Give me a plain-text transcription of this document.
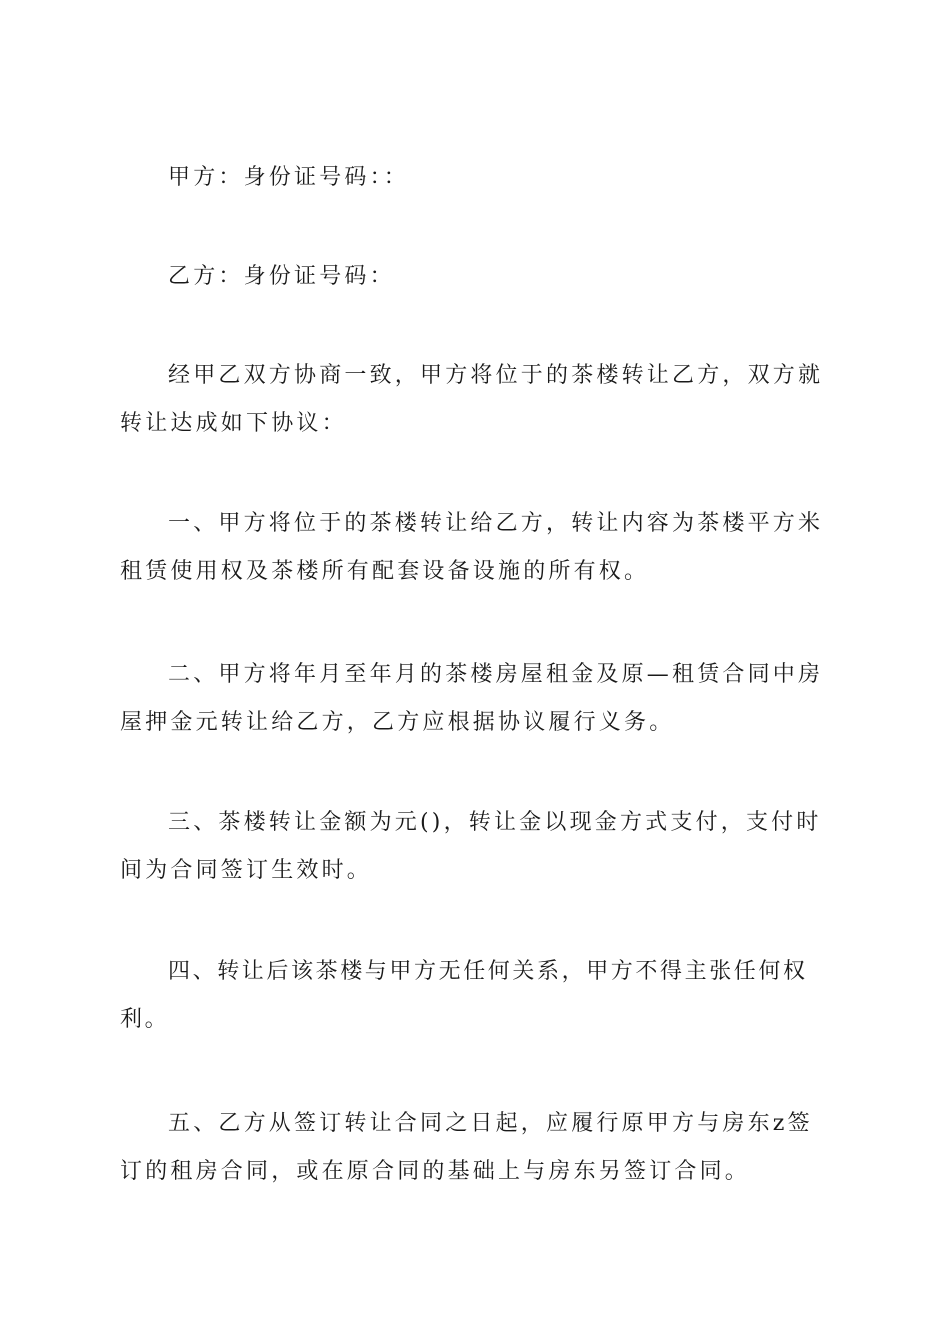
甲方：身份证号码：：

乙方：身份证号码：

经甲乙双方协商一致，甲方将位于的茶楼转让乙方，双方就转让达成如下协议：

一、甲方将位于的茶楼转让给乙方，转让内容为茶楼平方米租赁使用权及茶楼所有配套设备设施的所有权。

二、甲方将年月至年月的茶楼房屋租金及原—租赁合同中房屋押金元转让给乙方，乙方应根据协议履行义务。

三、茶楼转让金额为元()，转让金以现金方式支付，支付时间为合同签订生效时。

四、转让后该茶楼与甲方无任何关系，甲方不得主张任何权利。

五、乙方从签订转让合同之日起，应履行原甲方与房东z签订的租房合同，或在原合同的基础上与房东另签订合同。
